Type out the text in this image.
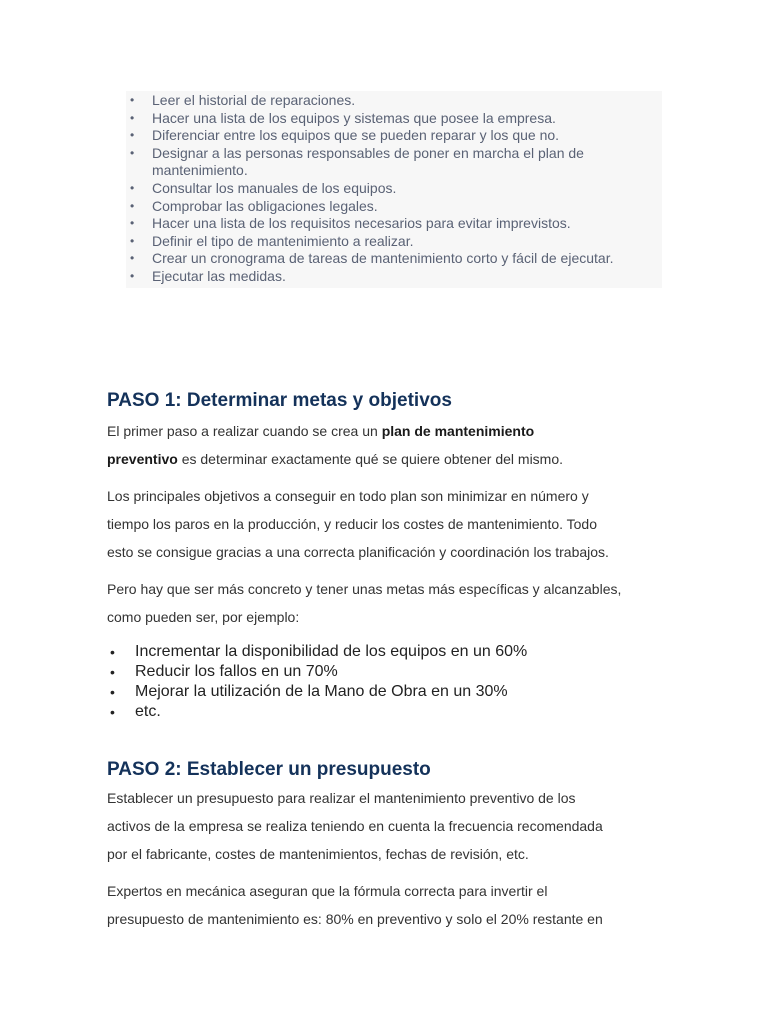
• Leer el historial de reparaciones.
• Hacer una lista de los equipos y sistemas que posee la empresa.
• Diferenciar entre los equipos que se pueden reparar y los que no.
• Designar a las personas responsables de poner en marcha el plan de
mantenimiento.
• Consultar los manuales de los equipos.
• Comprobar las obligaciones legales.
• Hacer una lista de los requisitos necesarios para evitar imprevistos.
• Definir el tipo de mantenimiento a realizar.
• Crear un cronograma de tareas de mantenimiento corto y fácil de ejecutar.
• Ejecutar las medidas.
PASO 1: Determinar metas y objetivos

El primer paso a realizar cuando se crea un plan de mantenimiento
preventivo es determinar exactamente qué se quiere obtener del mismo.

Los principales objetivos a conseguir en todo plan son minimizar en número y
tiempo los paros en la producción, y reducir los costes de mantenimiento. Todo
esto se consigue gracias a una correcta planificación y coordinación los trabajos.

Pero hay que ser más concreto y tener unas metas más específicas y alcanzables,
como pueden ser, por ejemplo:

• Incrementar la disponibilidad de los equipos en un 60%
• Reducir los fallos en un 70%
• Mejorar la utilización de la Mano de Obra en un 30%
• etc.
PASO 2: Establecer un presupuesto

Establecer un presupuesto para realizar el mantenimiento preventivo de los
activos de la empresa se realiza teniendo en cuenta la frecuencia recomendada
por el fabricante, costes de mantenimientos, fechas de revisión, etc.

Expertos en mecánica aseguran que la fórmula correcta para invertir el
presupuesto de mantenimiento es: 80% en preventivo y solo el 20% restante en
